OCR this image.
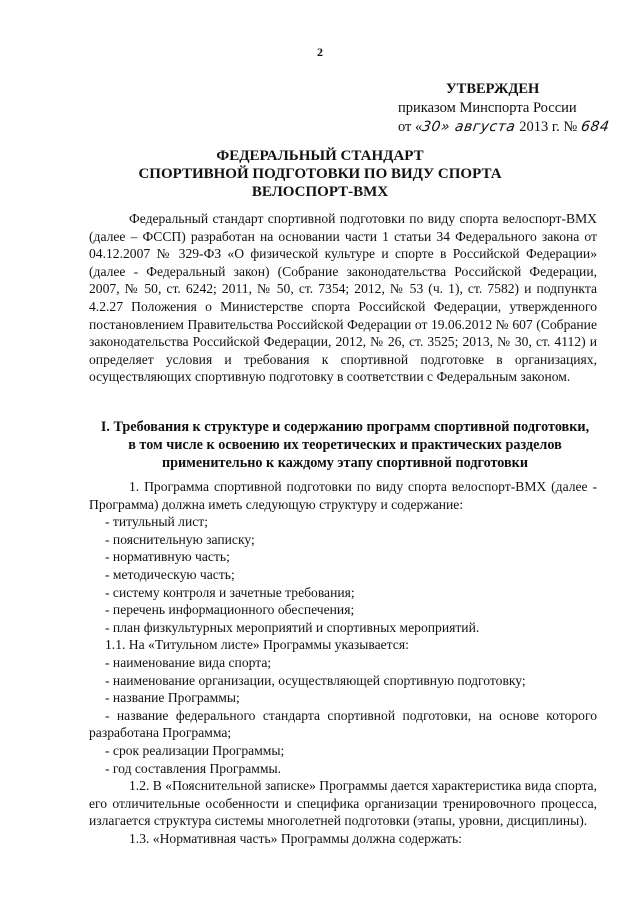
2
УТВЕРЖДЕН
приказом Минспорта России
от «30» августа 2013 г. № 684
ФЕДЕРАЛЬНЫЙ СТАНДАРТ
СПОРТИВНОЙ ПОДГОТОВКИ ПО ВИДУ СПОРТА
ВЕЛОСПОРТ-ВМХ
Федеральный стандарт спортивной подготовки по виду спорта велоспорт-ВМХ (далее – ФССП) разработан на основании части 1 статьи 34 Федерального закона от 04.12.2007 № 329-ФЗ «О физической культуре и спорте в Российской Федерации» (далее - Федеральный закон) (Собрание законодательства Российской Федерации, 2007, № 50, ст. 6242; 2011, № 50, ст. 7354; 2012, № 53 (ч. 1), ст. 7582) и подпункта 4.2.27 Положения о Министерстве спорта Российской Федерации, утвержденного постановлением Правительства Российской Федерации от 19.06.2012 № 607 (Собрание законодательства Российской Федерации, 2012, № 26, ст. 3525; 2013, № 30, ст. 4112) и определяет условия и требования к спортивной подготовке в организациях, осуществляющих спортивную подготовку в соответствии с Федеральным законом.
I. Требования к структуре и содержанию программ спортивной подготовки,
в том числе к освоению их теоретических и практических разделов
применительно к каждому этапу спортивной подготовки

1. Программа спортивной подготовки по виду спорта велоспорт-ВМХ (далее - Программа) должна иметь следующую структуру и содержание:

- титульный лист;

- пояснительную записку;

- нормативную часть;

- методическую часть;

- систему контроля и зачетные требования;

- перечень информационного обеспечения;

- план физкультурных мероприятий и спортивных мероприятий.

1.1. На «Титульном листе» Программы указывается:

- наименование вида спорта;

- наименование организации, осуществляющей спортивную подготовку;

- название Программы;

- название федерального стандарта спортивной подготовки, на основе которого разработана Программа;

- срок реализации Программы;

- год составления Программы.

1.2. В «Пояснительной записке» Программы дается характеристика вида спорта, его отличительные особенности и специфика организации тренировочного процесса, излагается структура системы многолетней подготовки (этапы, уровни, дисциплины).

1.3. «Нормативная часть» Программы должна содержать:
